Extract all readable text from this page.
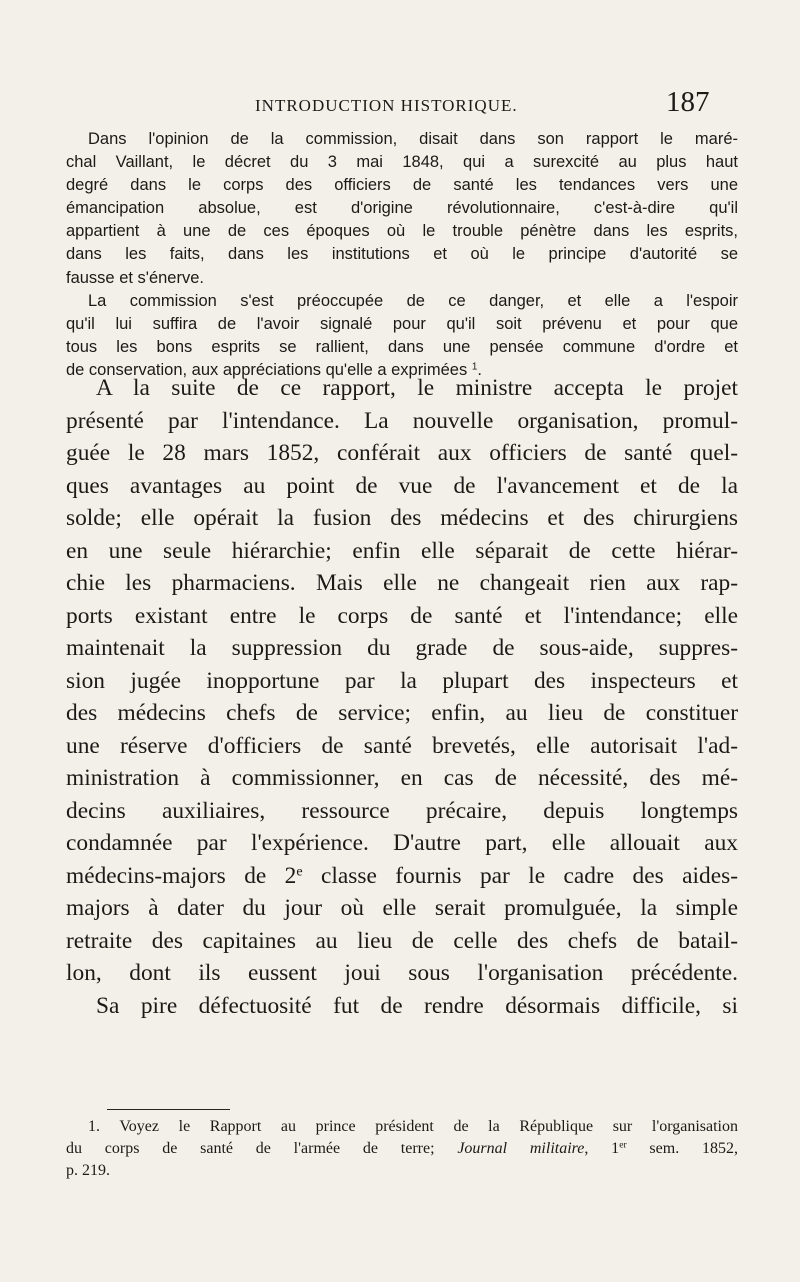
INTRODUCTION HISTORIQUE.	187
Dans l'opinion de la commission, disait dans son rapport le maré-
chal Vaillant, le décret du 3 mai 1848, qui a surexcité au plus haut
degré dans le corps des officiers de santé les tendances vers une
émancipation absolue, est d'origine révolutionnaire, c'est-à-dire qu'il
appartient à une de ces époques où le trouble pénètre dans les esprits,
dans les faits, dans les institutions et où le principe d'autorité se
fausse et s'énerve.
La commission s'est préoccupée de ce danger, et elle a l'espoir
qu'il lui suffira de l'avoir signalé pour qu'il soit prévenu et pour que
tous les bons esprits se rallient, dans une pensée commune d'ordre et
de conservation, aux appréciations qu'elle a exprimées $^1$.
A la suite de ce rapport, le ministre accepta le projet
présenté par l'intendance. La nouvelle organisation, promul-
guée le 28 mars 1852, conférait aux officiers de santé quel-
ques avantages au point de vue de l'avancement et de la
solde; elle opérait la fusion des médecins et des chirurgiens
en une seule hiérarchie; enfin elle séparait de cette hiérar-
chie les pharmaciens. Mais elle ne changeait rien aux rap-
ports existant entre le corps de santé et l'intendance; elle
maintenait la suppression du grade de sous-aide, suppres-
sion jugée inopportune par la plupart des inspecteurs et
des médecins chefs de service; enfin, au lieu de constituer
une réserve d'officiers de santé brevetés, elle autorisait l'ad-
ministration à commissionner, en cas de nécessité, des mé-
decins auxiliaires, ressource précaire, depuis longtemps
condamnée par l'expérience. D'autre part, elle allouait aux
médecins-majors de 2e classe fournis par le cadre des aides-
majors à dater du jour où elle serait promulguée, la simple
retraite des capitaines au lieu de celle des chefs de batail-
lon, dont ils eussent joui sous l'organisation précédente.
Sa pire défectuosité fut de rendre désormais difficile, si
1. Voyez le Rapport au prince président de la République sur l'organisation
du corps de santé de l'armée de terre; Journal militaire, 1er sem. 1852,
p. 219.
